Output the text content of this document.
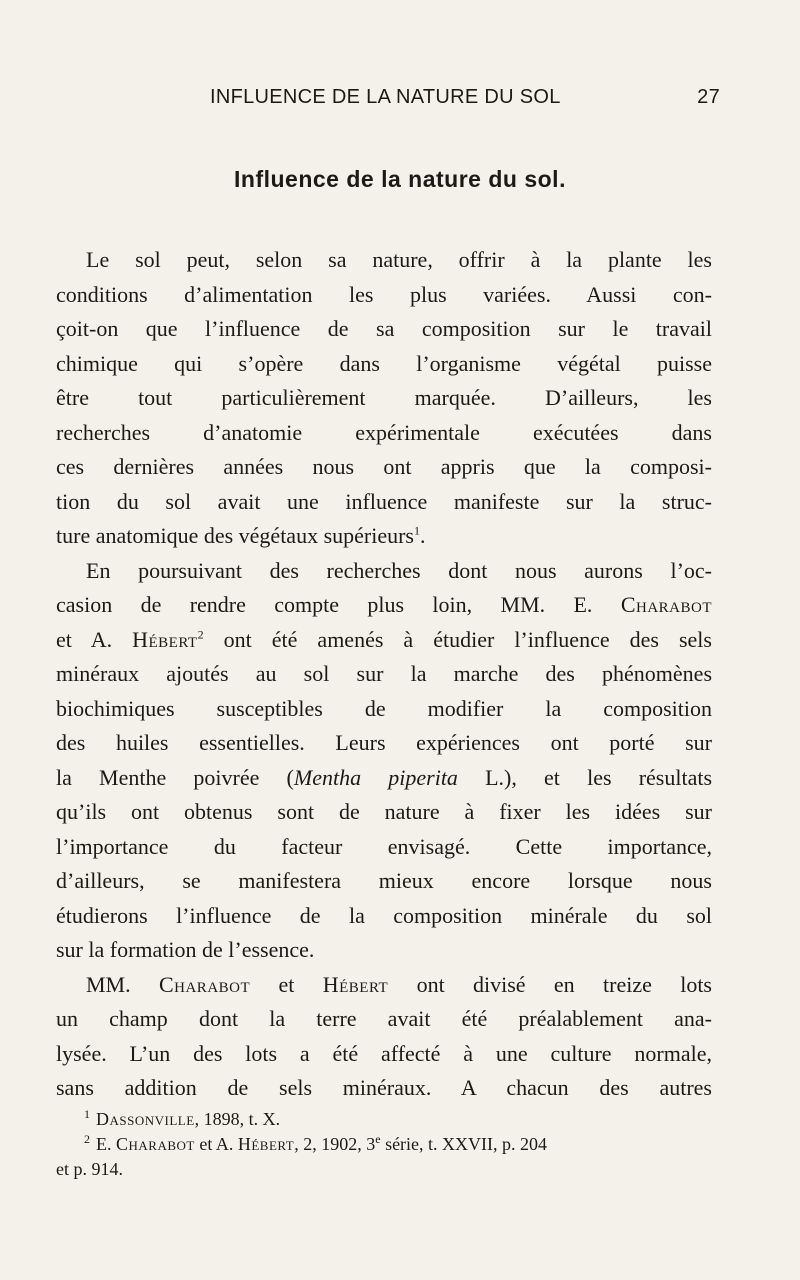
INFLUENCE DE LA NATURE DU SOL	27
Influence de la nature du sol.
Le sol peut, selon sa nature, offrir à la plante les
conditions d’alimentation les plus variées. Aussi con-
çoit-on que l’influence de sa composition sur le travail
chimique qui s’opère dans l’organisme végétal puisse
être tout particulièrement marquée. D’ailleurs, les
recherches d’anatomie expérimentale exécutées dans
ces dernières années nous ont appris que la composi-
tion du sol avait une influence manifeste sur la struc-
ture anatomique des végétaux supérieurs$^1$.
En poursuivant des recherches dont nous aurons l’oc-
casion de rendre compte plus loin, MM. E. Charabot
et A. Hébert$^2$ ont été amenés à étudier l’influence des sels
minéraux ajoutés au sol sur la marche des phénomènes
biochimiques susceptibles de modifier la composition
des huiles essentielles. Leurs expériences ont porté sur
la Menthe poivrée (Mentha piperita L.), et les résultats
qu’ils ont obtenus sont de nature à fixer les idées sur
l’importance du facteur envisagé. Cette importance,
d’ailleurs, se manifestera mieux encore lorsque nous
étudierons l’influence de la composition minérale du sol
sur la formation de l’essence.
MM. Charabot et Hébert ont divisé en treize lots
un champ dont la terre avait été préalablement ana-
lysée. L’un des lots a été affecté à une culture normale,
sans addition de sels minéraux. A chacun des autres
$^1$ Dassonville, 1898, t. X.
$^2$ E. Charabot et A. Hébert, 2, 1902, 3e série, t. XXVII, p. 204
et p. 914.
